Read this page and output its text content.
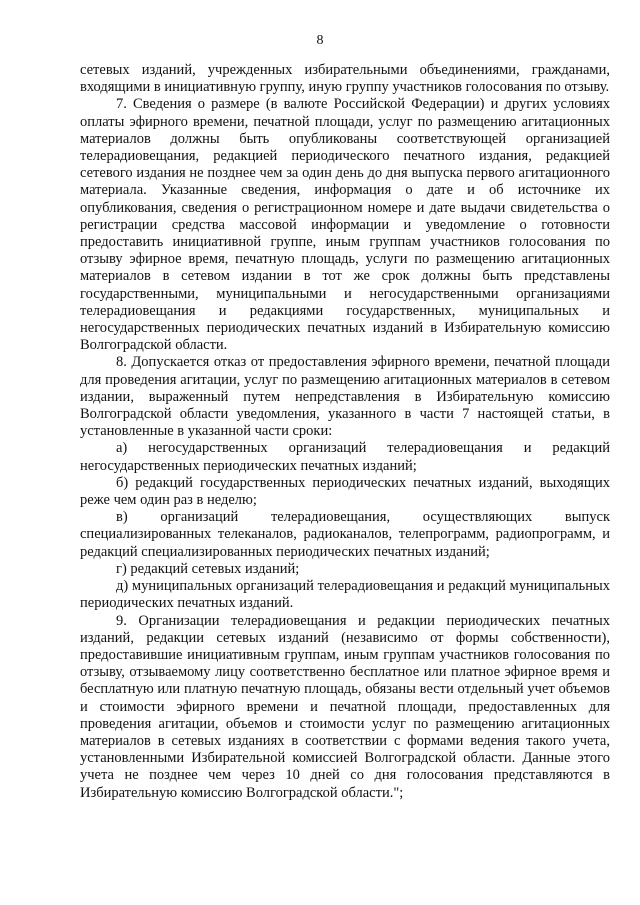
8

сетевых изданий, учрежденных избирательными объединениями, гражданами, входящими в инициативную группу, иную группу участников голосования по отзыву.

7. Сведения о размере (в валюте Российской Федерации) и других условиях оплаты эфирного времени, печатной площади, услуг по размещению агитационных материалов должны быть опубликованы соответствующей организацией телерадиовещания, редакцией периодического печатного издания, редакцией сетевого издания не позднее чем за один день до дня выпуска первого агитационного материала. Указанные сведения, информация о дате и об источнике их опубликования, сведения о регистрационном номере и дате выдачи свидетельства о регистрации средства массовой информации и уведомление о готовности предоставить инициативной группе, иным группам участников голосования по отзыву эфирное время, печатную площадь, услуги по размещению агитационных материалов в сетевом издании в тот же срок должны быть представлены государственными, муниципальными и негосударственными организациями телерадиовещания и редакциями государственных, муниципальных и негосударственных периодических печатных изданий в Избирательную комиссию Волгоградской области.

8. Допускается отказ от предоставления эфирного времени, печатной площади для проведения агитации, услуг по размещению агитационных материалов в сетевом издании, выраженный путем непредставления в Избирательную комиссию Волгоградской области уведомления, указанного в части 7 настоящей статьи, в установленные в указанной части сроки:

а) негосударственных организаций телерадиовещания и редакций негосударственных периодических печатных изданий;

б) редакций государственных периодических печатных изданий, выходящих реже чем один раз в неделю;

в) организаций телерадиовещания, осуществляющих выпуск специализированных телеканалов, радиоканалов, телепрограмм, радиопрограмм, и редакций специализированных периодических печатных изданий;

г) редакций сетевых изданий;

д) муниципальных организаций телерадиовещания и редакций муниципальных периодических печатных изданий.

9. Организации телерадиовещания и редакции периодических печатных изданий, редакции сетевых изданий (независимо от формы собственности), предоставившие инициативным группам, иным группам участников голосования по отзыву, отзываемому лицу соответственно бесплатное или платное эфирное время и бесплатную или платную печатную площадь, обязаны вести отдельный учет объемов и стоимости эфирного времени и печатной площади, предоставленных для проведения агитации, объемов и стоимости услуг по размещению агитационных материалов в сетевых изданиях в соответствии с формами ведения такого учета, установленными Избирательной комиссией Волгоградской области. Данные этого учета не позднее чем через 10 дней со дня голосования представляются в Избирательную комиссию Волгоградской области.";
